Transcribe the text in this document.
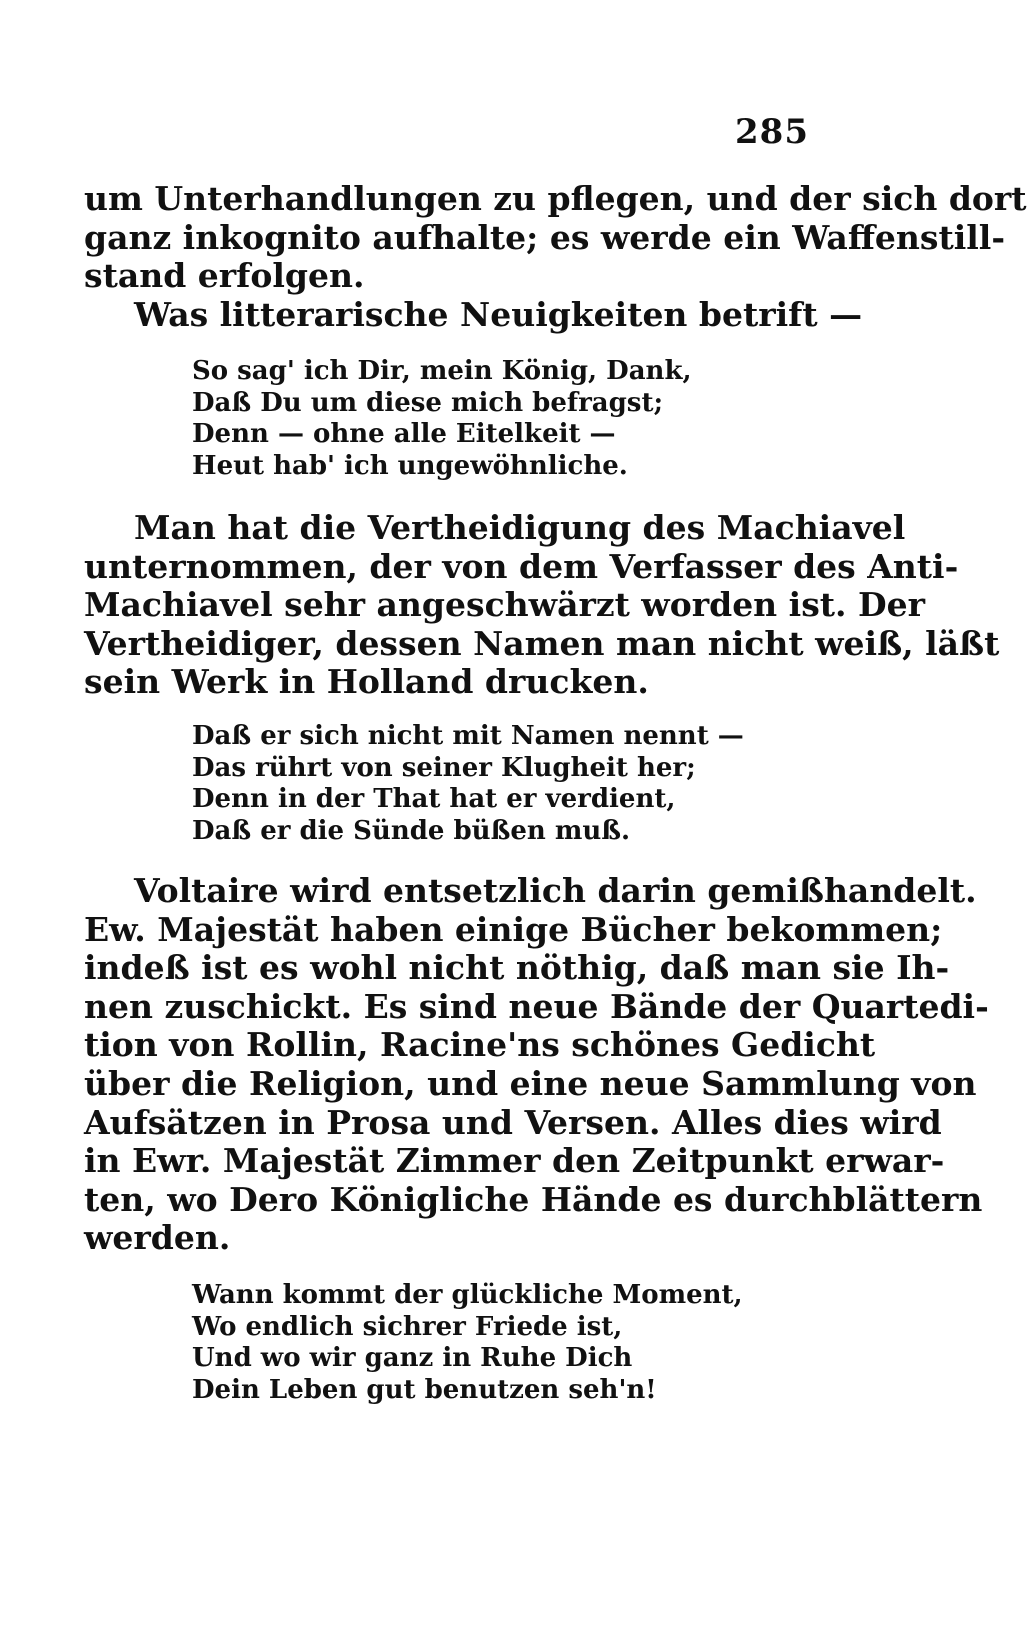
285
um Unterhandlungen zu pflegen, und der sich dort
ganz inkognito aufhalte; es werde ein Waffenstill-
stand erfolgen.
Was litterarische Neuigkeiten betrift —
So sag' ich Dir, mein König, Dank,
Daß Du um diese mich befragst;
Denn — ohne alle Eitelkeit —
Heut hab' ich ungewöhnliche.
Man hat die Vertheidigung des Machiavel
unternommen, der von dem Verfasser des Anti-
Machiavel sehr angeschwärzt worden ist. Der
Vertheidiger, dessen Namen man nicht weiß, läßt
sein Werk in Holland drucken.
Daß er sich nicht mit Namen nennt —
Das rührt von seiner Klugheit her;
Denn in der That hat er verdient,
Daß er die Sünde büßen muß.
Voltaire wird entsetzlich darin gemißhandelt.
Ew. Majestät haben einige Bücher bekommen;
indeß ist es wohl nicht nöthig, daß man sie Ih-
nen zuschickt. Es sind neue Bände der Quartedi-
tion von Rollin, Racine'ns schönes Gedicht
über die Religion, und eine neue Sammlung von
Aufsätzen in Prosa und Versen. Alles dies wird
in Ewr. Majestät Zimmer den Zeitpunkt erwar-
ten, wo Dero Königliche Hände es durchblättern
werden.
Wann kommt der glückliche Moment,
Wo endlich sichrer Friede ist,
Und wo wir ganz in Ruhe Dich
Dein Leben gut benutzen seh'n!
